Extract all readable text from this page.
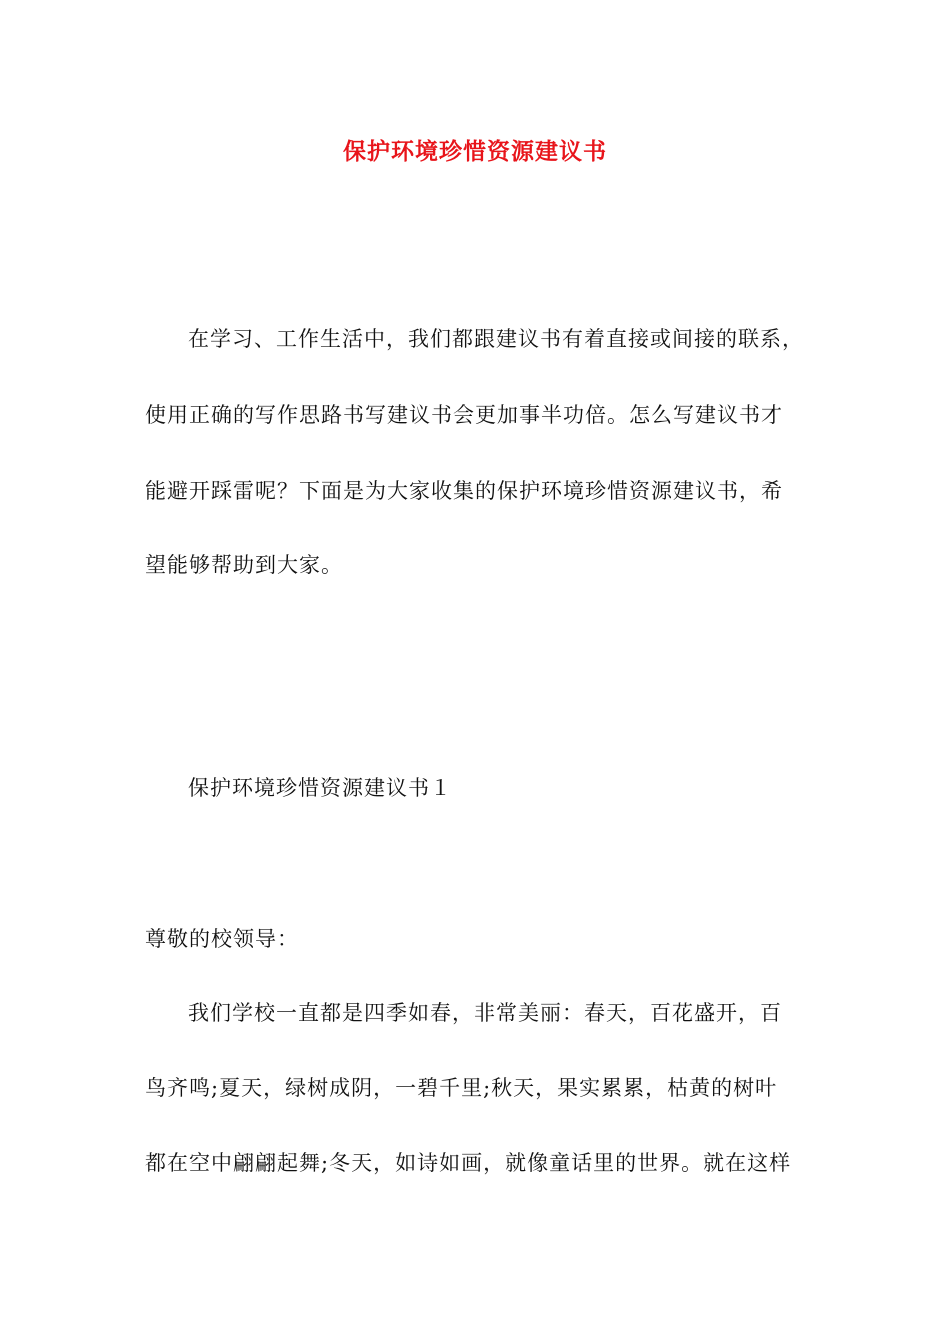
保护环境珍惜资源建议书
在学习、工作生活中，我们都跟建议书有着直接或间接的联系，
使用正确的写作思路书写建议书会更加事半功倍。怎么写建议书才
能避开踩雷呢？下面是为大家收集的保护环境珍惜资源建议书，希
望能够帮助到大家。
保护环境珍惜资源建议书１
尊敬的校领导：
我们学校一直都是四季如春，非常美丽：春天，百花盛开，百
鸟齐鸣;夏天，绿树成阴，一碧千里;秋天，果实累累，枯黄的树叶
都在空中翩翩起舞;冬天，如诗如画，就像童话里的世界。就在这样
